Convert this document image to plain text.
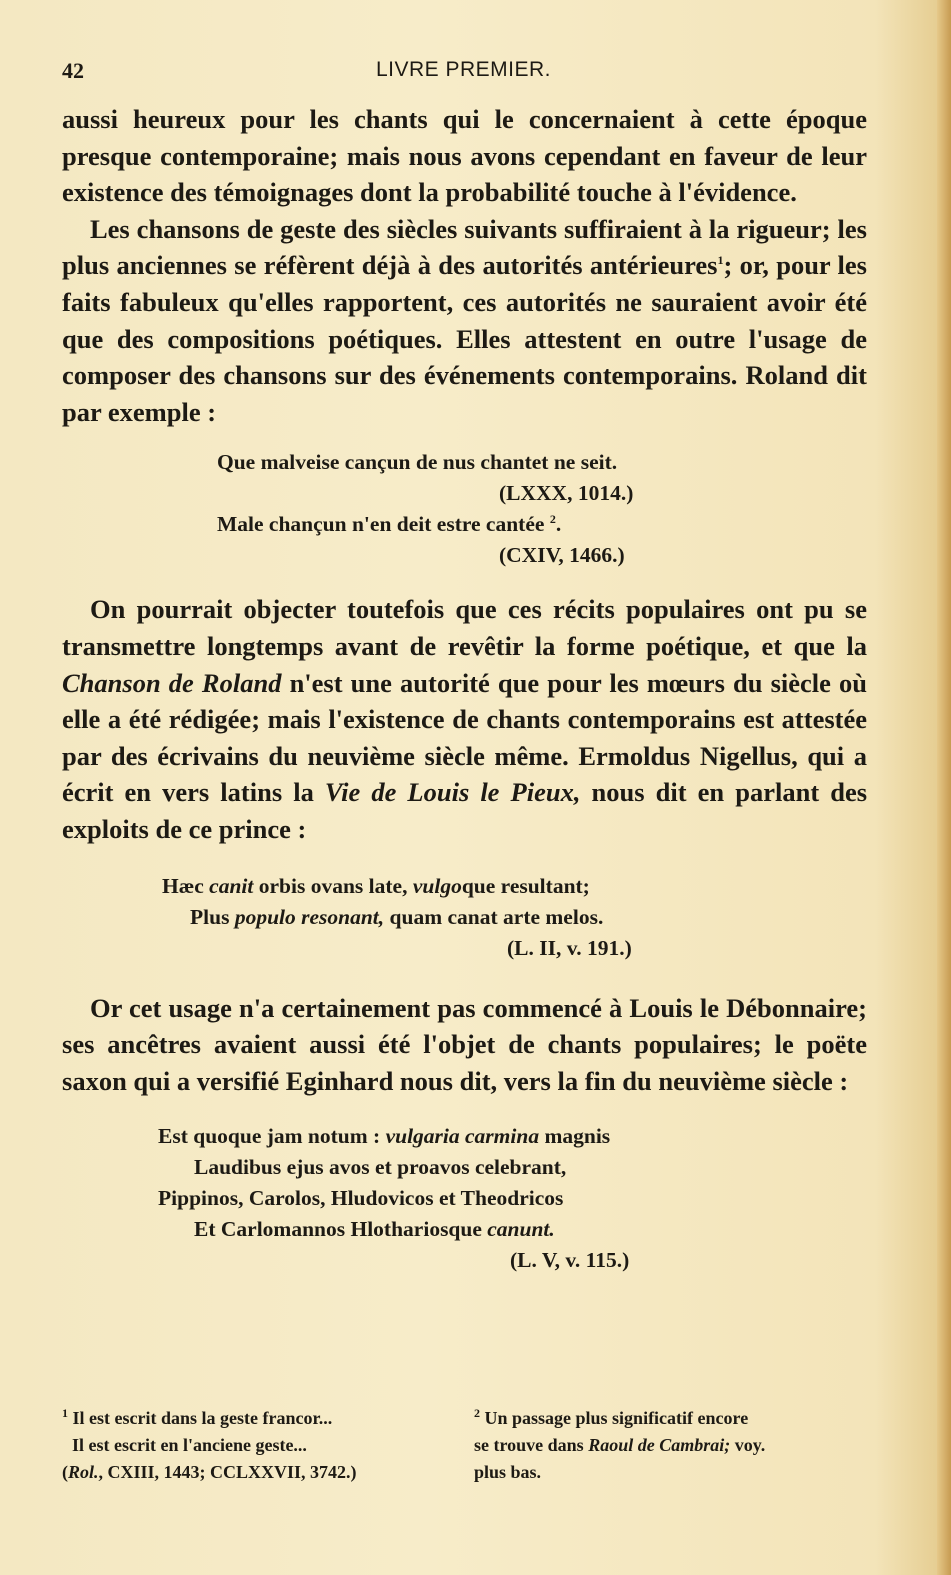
42	LIVRE PREMIER.

aussi heureux pour les chants qui le concernaient à cette époque presque contemporaine; mais nous avons cependant en faveur de leur existence des témoignages dont la probabilité touche à l'évidence.

Les chansons de geste des siècles suivants suffiraient à la rigueur; les plus anciennes se réfèrent déjà à des autorités antérieures$^1$; or, pour les faits fabuleux qu'elles rapportent, ces autorités ne sauraient avoir été que des compositions poétiques. Elles attestent en outre l'usage de composer des chansons sur des événements contemporains. Roland dit par exemple :

Que malveise cançun de nus chantet ne seit.
(LXXX, 1014.)
Male chançun n'en deit estre cantée $^2$.
(CXIV, 1466.)

On pourrait objecter toutefois que ces récits populaires ont pu se transmettre longtemps avant de revêtir la forme poétique, et que la Chanson de Roland n'est une autorité que pour les mœurs du siècle où elle a été rédigée; mais l'existence de chants contemporains est attestée par des écrivains du neuvième siècle même. Ermoldus Nigellus, qui a écrit en vers latins la Vie de Louis le Pieux, nous dit en parlant des exploits de ce prince :

Hæc canit orbis ovans late, vulgoque resultant;
Plus populo resonant, quam canat arte melos.
(L. II, v. 191.)

Or cet usage n'a certainement pas commencé à Louis le Débonnaire; ses ancêtres avaient aussi été l'objet de chants populaires; le poëte saxon qui a versifié Eginhard nous dit, vers la fin du neuvième siècle :

Est quoque jam notum : vulgaria carmina magnis
Laudibus ejus avos et proavos celebrant,
Pippinos, Carolos, Hludovicos et Theodricos
Et Carlomannos Hlothariosque canunt.
(L. V, v. 115.)
$^1$ Il est escrit dans la geste francor...
Il est escrit en l'anciene geste...
(Rol., CXIII, 1443; CCLXXVII, 3742.)
$^2$ Un passage plus significatif encore
se trouve dans Raoul de Cambrai; voy.
plus bas.
